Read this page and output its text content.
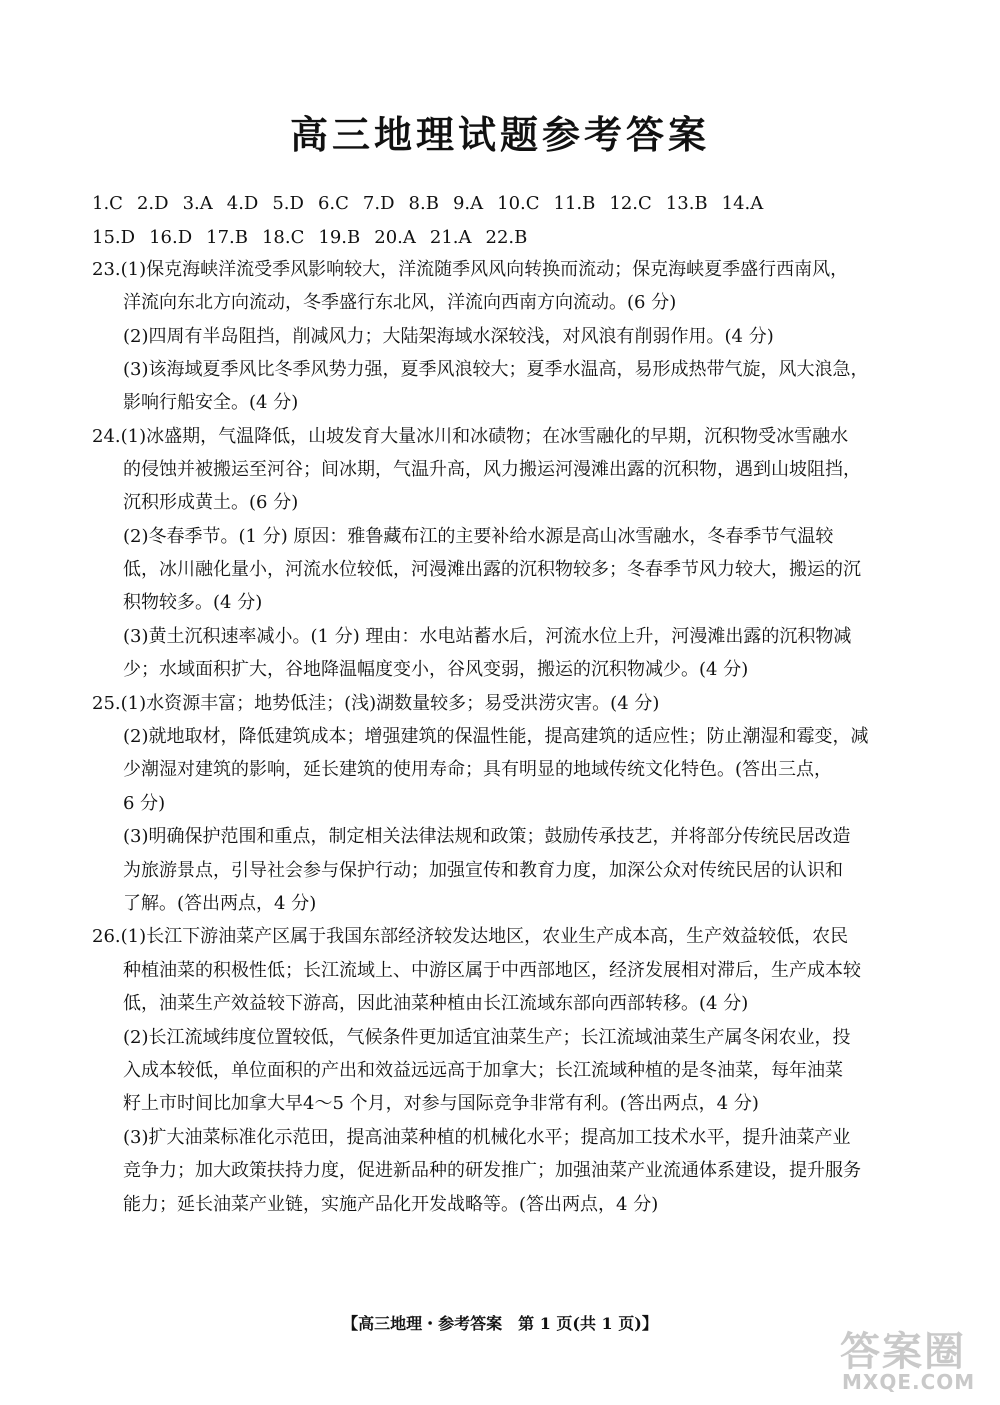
高三地理试题参考答案
1.C 2.D 3.A 4.D 5.D 6.C 7.D 8.B 9.A 10.C 11.B 12.C 13.B 14.A
15.D 16.D 17.B 18.C 19.B 20.A 21.A 22.B
23.(1)保克海峡洋流受季风影响较大，洋流随季风风向转换而流动；保克海峡夏季盛行西南风，
洋流向东北方向流动，冬季盛行东北风，洋流向西南方向流动。(6 分)
(2)四周有半岛阻挡，削减风力；大陆架海域水深较浅，对风浪有削弱作用。(4 分)
(3)该海域夏季风比冬季风势力强，夏季风浪较大；夏季水温高，易形成热带气旋，风大浪急，
影响行船安全。(4 分)
24.(1)冰盛期，气温降低，山坡发育大量冰川和冰碛物；在冰雪融化的早期，沉积物受冰雪融水
的侵蚀并被搬运至河谷；间冰期，气温升高，风力搬运河漫滩出露的沉积物，遇到山坡阻挡，
沉积形成黄土。(6 分)
(2)冬春季节。(1 分) 原因：雅鲁藏布江的主要补给水源是高山冰雪融水，冬春季节气温较
低，冰川融化量小，河流水位较低，河漫滩出露的沉积物较多；冬春季节风力较大，搬运的沉
积物较多。(4 分)
(3)黄土沉积速率减小。(1 分) 理由：水电站蓄水后，河流水位上升，河漫滩出露的沉积物减
少；水域面积扩大，谷地降温幅度变小，谷风变弱，搬运的沉积物减少。(4 分)
25.(1)水资源丰富；地势低洼；(浅)湖数量较多；易受洪涝灾害。(4 分)
(2)就地取材，降低建筑成本；增强建筑的保温性能，提高建筑的适应性；防止潮湿和霉变，减
少潮湿对建筑的影响，延长建筑的使用寿命；具有明显的地域传统文化特色。(答出三点，
6 分)
(3)明确保护范围和重点，制定相关法律法规和政策；鼓励传承技艺，并将部分传统民居改造
为旅游景点，引导社会参与保护行动；加强宣传和教育力度，加深公众对传统民居的认识和
了解。(答出两点，4 分)
26.(1)长江下游油菜产区属于我国东部经济较发达地区，农业生产成本高，生产效益较低，农民
种植油菜的积极性低；长江流域上、中游区属于中西部地区，经济发展相对滞后，生产成本较
低，油菜生产效益较下游高，因此油菜种植由长江流域东部向西部转移。(4 分)
(2)长江流域纬度位置较低，气候条件更加适宜油菜生产；长江流域油菜生产属冬闲农业，投
入成本较低，单位面积的产出和效益远远高于加拿大；长江流域种植的是冬油菜，每年油菜
籽上市时间比加拿大早4～5 个月，对参与国际竞争非常有利。(答出两点，4 分)
(3)扩大油菜标准化示范田，提高油菜种植的机械化水平；提高加工技术水平，提升油菜产业
竞争力；加大政策扶持力度，促进新品种的研发推广；加强油菜产业流通体系建设，提升服务
能力；延长油菜产业链，实施产品化开发战略等。(答出两点，4 分)
【高三地理・参考答案　第 1 页(共 1 页)】
答案圈
MXQE.COM
